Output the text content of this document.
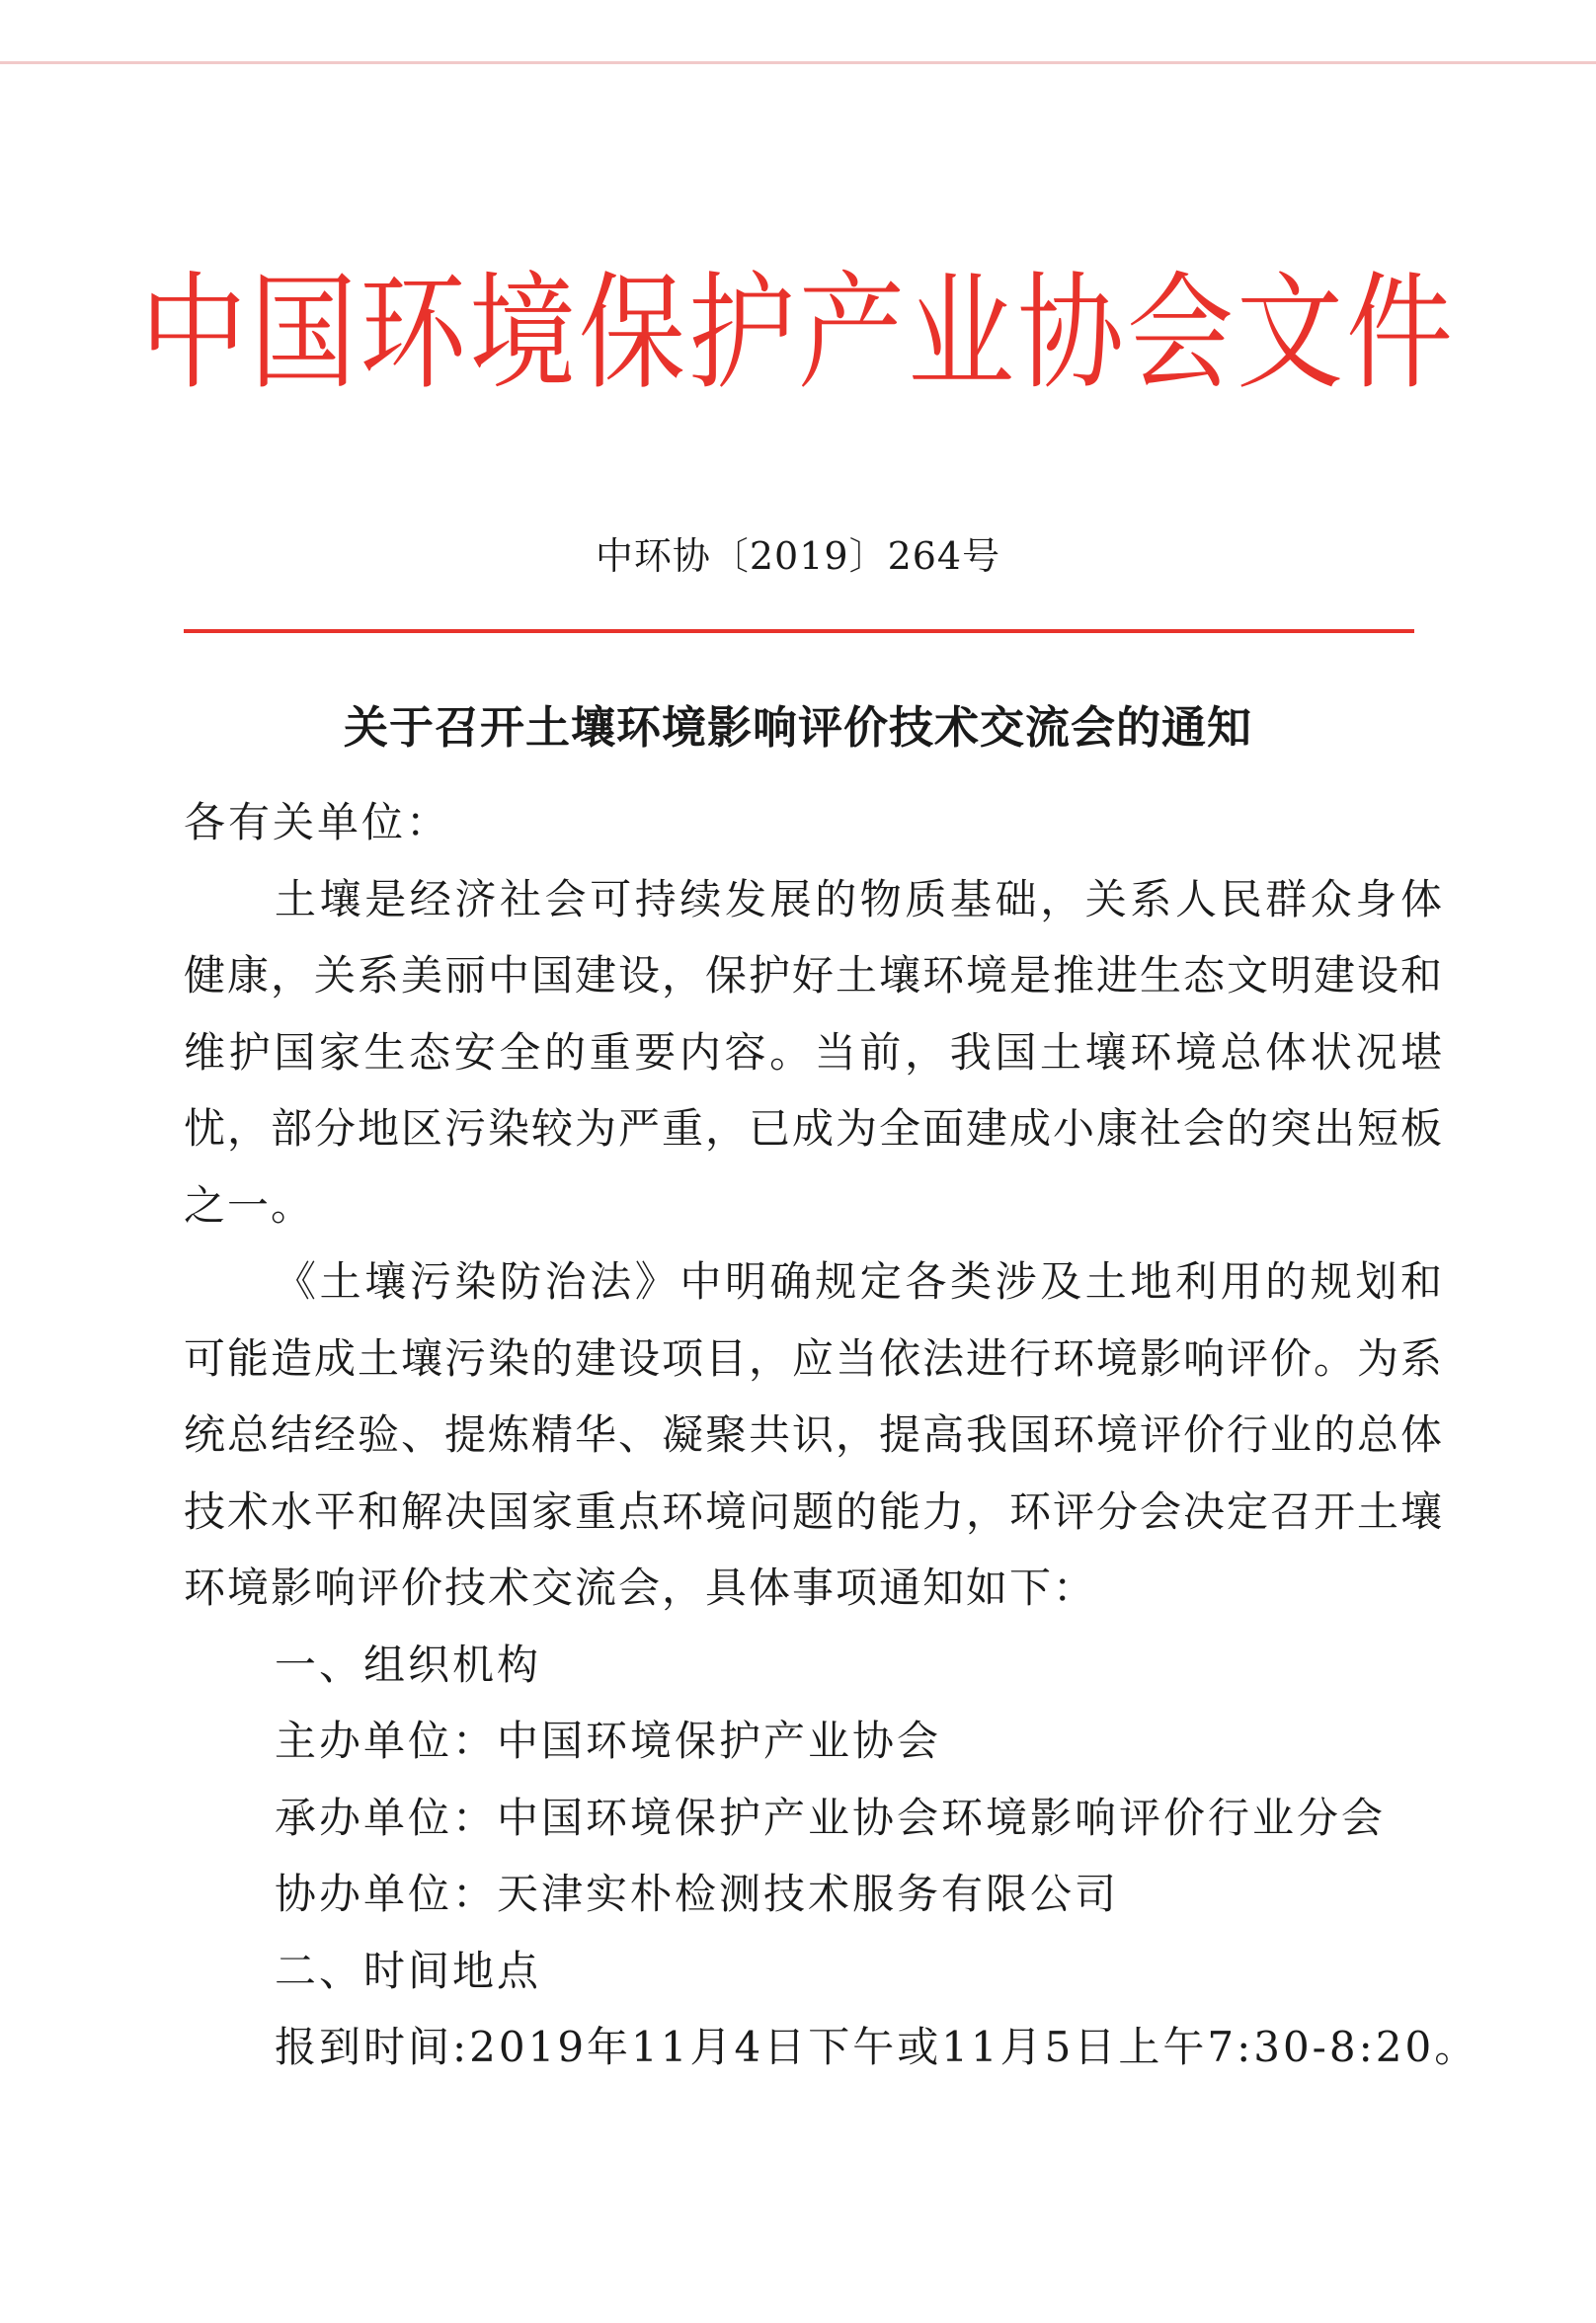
中国环境保护产业协会文件
中环协〔2019〕264号
关于召开土壤环境影响评价技术交流会的通知

各有关单位：

土壤是经济社会可持续发展的物质基础，关系人民群众身体健康，关系美丽中国建设，保护好土壤环境是推进生态文明建设和维护国家生态安全的重要内容。当前，我国土壤环境总体状况堪忧，部分地区污染较为严重，已成为全面建成小康社会的突出短板之一。

《土壤污染防治法》中明确规定各类涉及土地利用的规划和可能造成土壤污染的建设项目，应当依法进行环境影响评价。为系统总结经验、提炼精华、凝聚共识，提高我国环境评价行业的总体技术水平和解决国家重点环境问题的能力，环评分会决定召开土壤环境影响评价技术交流会，具体事项通知如下：

一、组织机构

主办单位：中国环境保护产业协会

承办单位：中国环境保护产业协会环境影响评价行业分会

协办单位：天津实朴检测技术服务有限公司

二、时间地点

报到时间:2019年11月4日下午或11月5日上午7:30-8:20。
